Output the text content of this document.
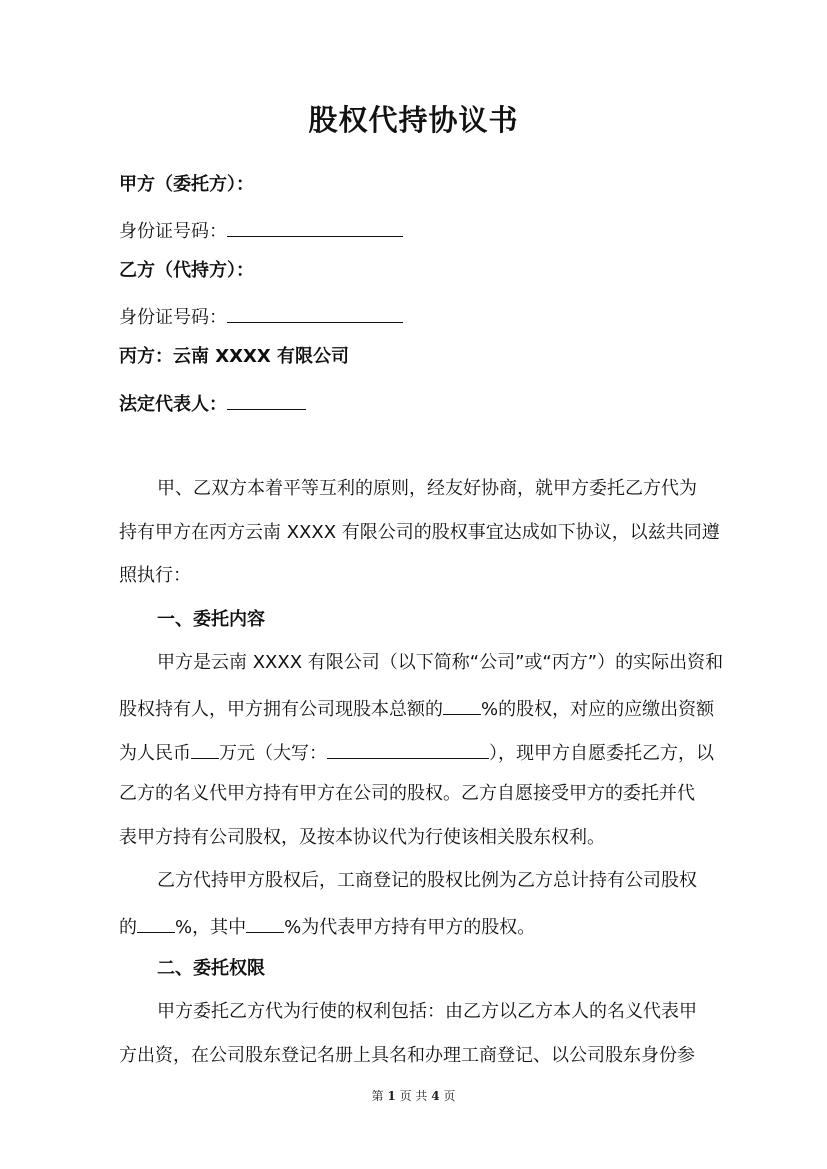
股权代持协议书
甲方（委托方）：
身份证号码：
乙方（代持方）：
身份证号码：
丙方：云南 XXXX 有限公司
法定代表人：
甲、乙双方本着平等互利的原则，经友好协商，就甲方委托乙方代为
持有甲方在丙方云南 XXXX 有限公司的股权事宜达成如下协议，以兹共同遵
照执行：
一、委托内容
甲方是云南 XXXX 有限公司（以下简称“公司”或“丙方”）的实际出资和
股权持有人，甲方拥有公司现股本总额的 %的股权，对应的应缴出资额
为人民币 万元（大写：	），现甲方自愿委托乙方，以
乙方的名义代甲方持有甲方在公司的股权。乙方自愿接受甲方的委托并代
表甲方持有公司股权，及按本协议代为行使该相关股东权利。
乙方代持甲方股权后，工商登记的股权比例为乙方总计持有公司股权
的 %，其中 %为代表甲方持有甲方的股权。
二、委托权限
甲方委托乙方代为行使的权利包括：由乙方以乙方本人的名义代表甲
方出资，在公司股东登记名册上具名和办理工商登记、以公司股东身份参
第 1 页 共 4 页
